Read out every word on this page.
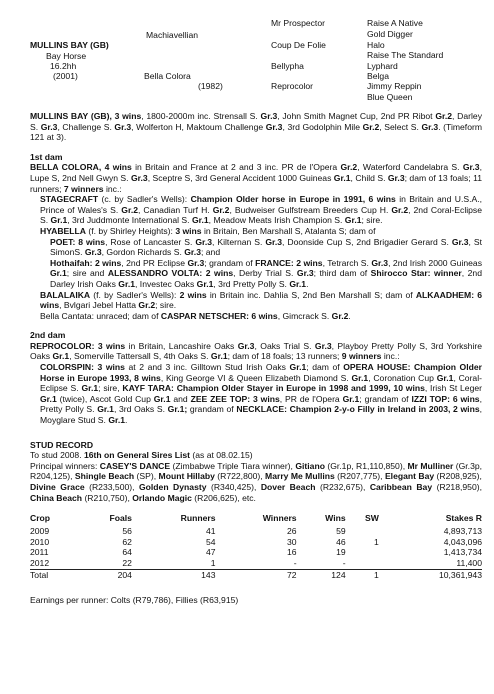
MULLINS BAY (GB)
Bay Horse
16.2hh
(2001)
Machiavellian
Bella Colora
(1982)
Mr Prospector
Coup De Folie
Bellypha
Reprocolor
Raise A Native
Gold Digger
Halo
Raise The Standard
Lyphard
Belga
Jimmy Reppin
Blue Queen

MULLINS BAY (GB), 3 wins, 1800-2000m inc. Strensall S. Gr.3, John Smith Magnet Cup, 2nd PR Ribot Gr.2, Darley S. Gr.3, Challenge S. Gr.3, Wolferton H, Maktoum Challenge Gr.3, 3rd Godolphin Mile Gr.2, Select S. Gr.3. (Timeform 121 at 3).

1st dam

BELLA COLORA, 4 wins in Britain and France at 2 and 3 inc. PR de l'Opera Gr.2, Waterford Candelabra S. Gr.3, Lupe S, 2nd Nell Gwyn S. Gr.3, Sceptre S, 3rd General Accident 1000 Guineas Gr.1, Child S. Gr.3; dam of 13 foals; 11 runners; 7 winners inc.:

STAGECRAFT (c. by Sadler's Wells): Champion Older horse in Europe in 1991, 6 wins in Britain and U.S.A., Prince of Wales's S. Gr.2, Canadian Turf H. Gr.2, Budweiser Gulfstream Breeders Cup H. Gr.2, 2nd Coral-Eclipse S. Gr.1, 3rd Juddmonte International S. Gr.1, Meadow Meats Irish Champion S. Gr.1; sire.

HYABELLA (f. by Shirley Heights): 3 wins in Britain, Ben Marshall S, Atalanta S; dam of

POET: 8 wins, Rose of Lancaster S. Gr.3, Kilternan S. Gr.3, Doonside Cup S, 2nd Brigadier Gerard S. Gr.3, St SimonS. Gr.3, Gordon Richards S. Gr.3; and

Hothaifah: 2 wins, 2nd PR Eclipse Gr.3; grandam of FRANCE: 2 wins, Tetrarch S. Gr.3, 2nd Irish 2000 Guineas Gr.1; sire and ALESSANDRO VOLTA: 2 wins, Derby Trial S. Gr.3; third dam of Shirocco Star: winner, 2nd Darley Irish Oaks Gr.1, Investec Oaks Gr.1, 3rd Pretty Polly S. Gr.1.

BALALAIKA (f. by Sadler's Wells): 2 wins in Britain inc. Dahlia S, 2nd Ben Marshall S; dam of ALKAADHEM: 6 wins, Bvlgari Jebel Hatta Gr.2; sire.

Bella Cantata: unraced; dam of CASPAR NETSCHER: 6 wins, Gimcrack S. Gr.2.

2nd dam

REPROCOLOR: 3 wins in Britain, Lancashire Oaks Gr.3, Oaks Trial S. Gr.3, Playboy Pretty Polly S, 3rd Yorkshire Oaks Gr.1, Somerville Tattersall S, 4th Oaks S. Gr.1; dam of 18 foals; 13 runners; 9 winners inc.:

COLORSPIN: 3 wins at 2 and 3 inc. Gilltown Stud Irish Oaks Gr.1; dam of OPERA HOUSE: Champion Older Horse in Europe 1993, 8 wins, King George VI & Queen Elizabeth Diamond S. Gr.1, Coronation Cup Gr.1, Coral-Eclipse S. Gr.1; sire, KAYF TARA: Champion Older Stayer in Europe in 1998 and 1999, 10 wins, Irish St Leger Gr.1 (twice), Ascot Gold Cup Gr.1 and ZEE ZEE TOP: 3 wins, PR de l'Opera Gr.1; grandam of IZZI TOP: 6 wins, Pretty Polly S. Gr.1, 3rd Oaks S. Gr.1; grandam of NECKLACE: Champion 2-y-o Filly in Ireland in 2003, 2 wins, Moyglare Stud S. Gr.1.

STUD RECORD

To stud 2008. 16th on General Sires List (as at 08.02.15)

Principal winners: CASEY'S DANCE (Zimbabwe Triple Tiara winner), Gitiano (Gr.1p, R1,110,850), Mr Mulliner (Gr.3p, R204,125), Shingle Beach (SP), Mount Hillaby (R722,800), Marry Me Mullins (R207,775), Elegant Bay (R208,925), Divine Grace (R233,500), Golden Dynasty (R340,425), Dover Beach (R232,675), Caribbean Bay (R218,950), China Beach (R210,750), Orlando Magic (R206,625), etc.

Crop	Foals	Runners	Winners	Wins	SW	Stakes R
2009	56	41	26	59		4,893,713
2010	62	54	30	46	1	4,043,096
2011	64	47	16	19		1,413,734
2012	22	1	-	-		11,400
Total	204	143	72	124	1	10,361,943

Earnings per runner: Colts (R79,786), Fillies (R63,915)
